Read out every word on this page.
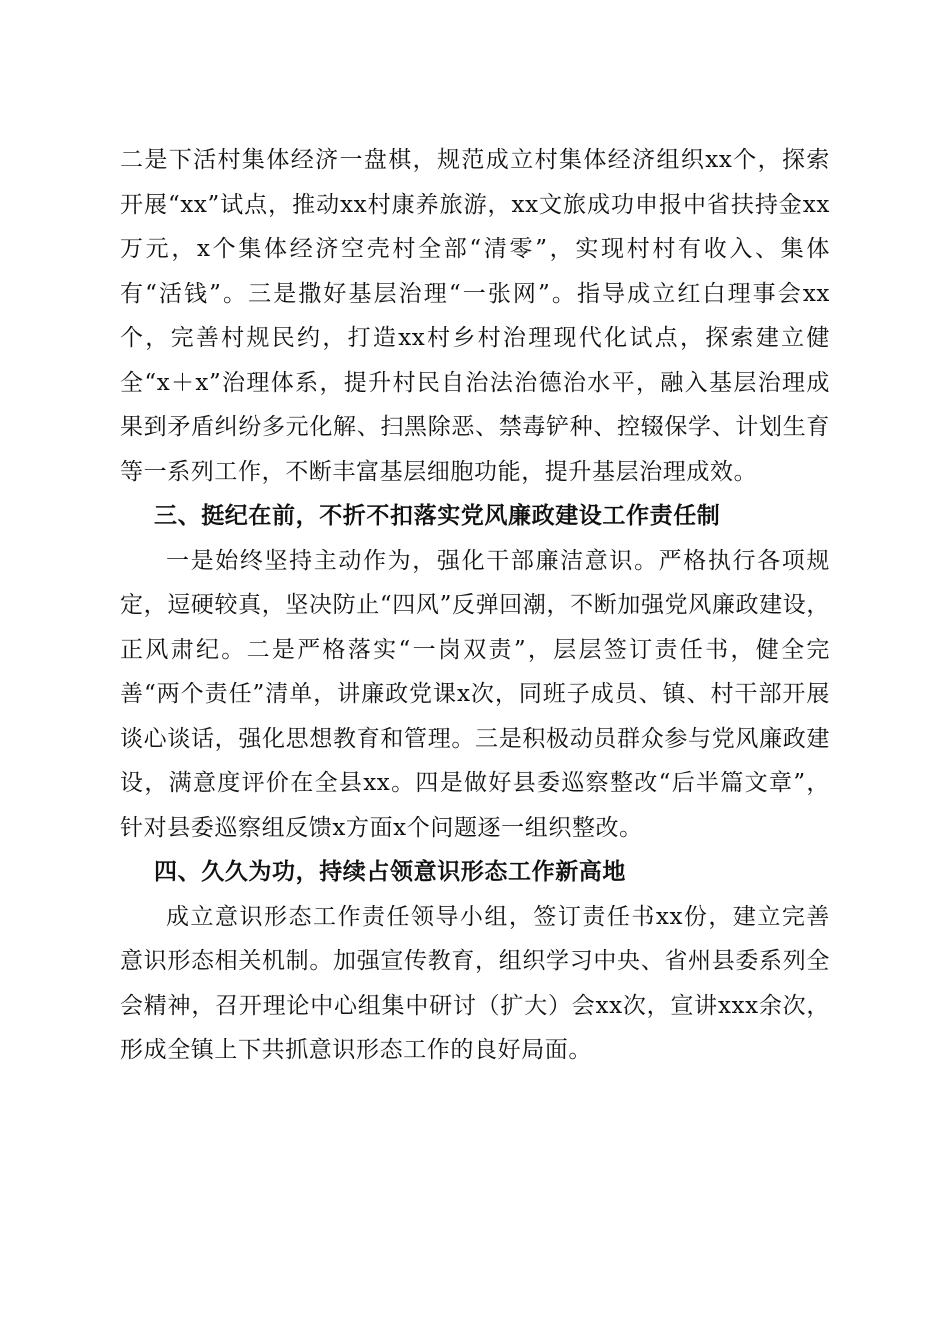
二是下活村集体经济一盘棋，规范成立村集体经济组织xx个，探索开展“xx”试点，推动xx村康养旅游，xx文旅成功申报中省扶持金xx万元，x个集体经济空壳村全部“清零”，实现村村有收入、集体有“活钱”。三是撒好基层治理“一张网”。指导成立红白理事会xx个，完善村规民约，打造xx村乡村治理现代化试点，探索建立健全“x＋x”治理体系，提升村民自治法治德治水平，融入基层治理成果到矛盾纠纷多元化解、扫黑除恶、禁毒铲种、控辍保学、计划生育等一系列工作，不断丰富基层细胞功能，提升基层治理成效。

三、挺纪在前，不折不扣落实党风廉政建设工作责任制

一是始终坚持主动作为，强化干部廉洁意识。严格执行各项规定，逗硬较真，坚决防止“四风”反弹回潮，不断加强党风廉政建设，正风肃纪。二是严格落实“一岗双责”，层层签订责任书，健全完善“两个责任”清单，讲廉政党课x次，同班子成员、镇、村干部开展谈心谈话，强化思想教育和管理。三是积极动员群众参与党风廉政建设，满意度评价在全县xx。四是做好县委巡察整改“后半篇文章”，针对县委巡察组反馈x方面x个问题逐一组织整改。

四、久久为功，持续占领意识形态工作新高地

成立意识形态工作责任领导小组，签订责任书xx份，建立完善意识形态相关机制。加强宣传教育，组织学习中央、省州县委系列全会精神，召开理论中心组集中研讨（扩大）会xx次，宣讲xxx余次，形成全镇上下共抓意识形态工作的良好局面。
